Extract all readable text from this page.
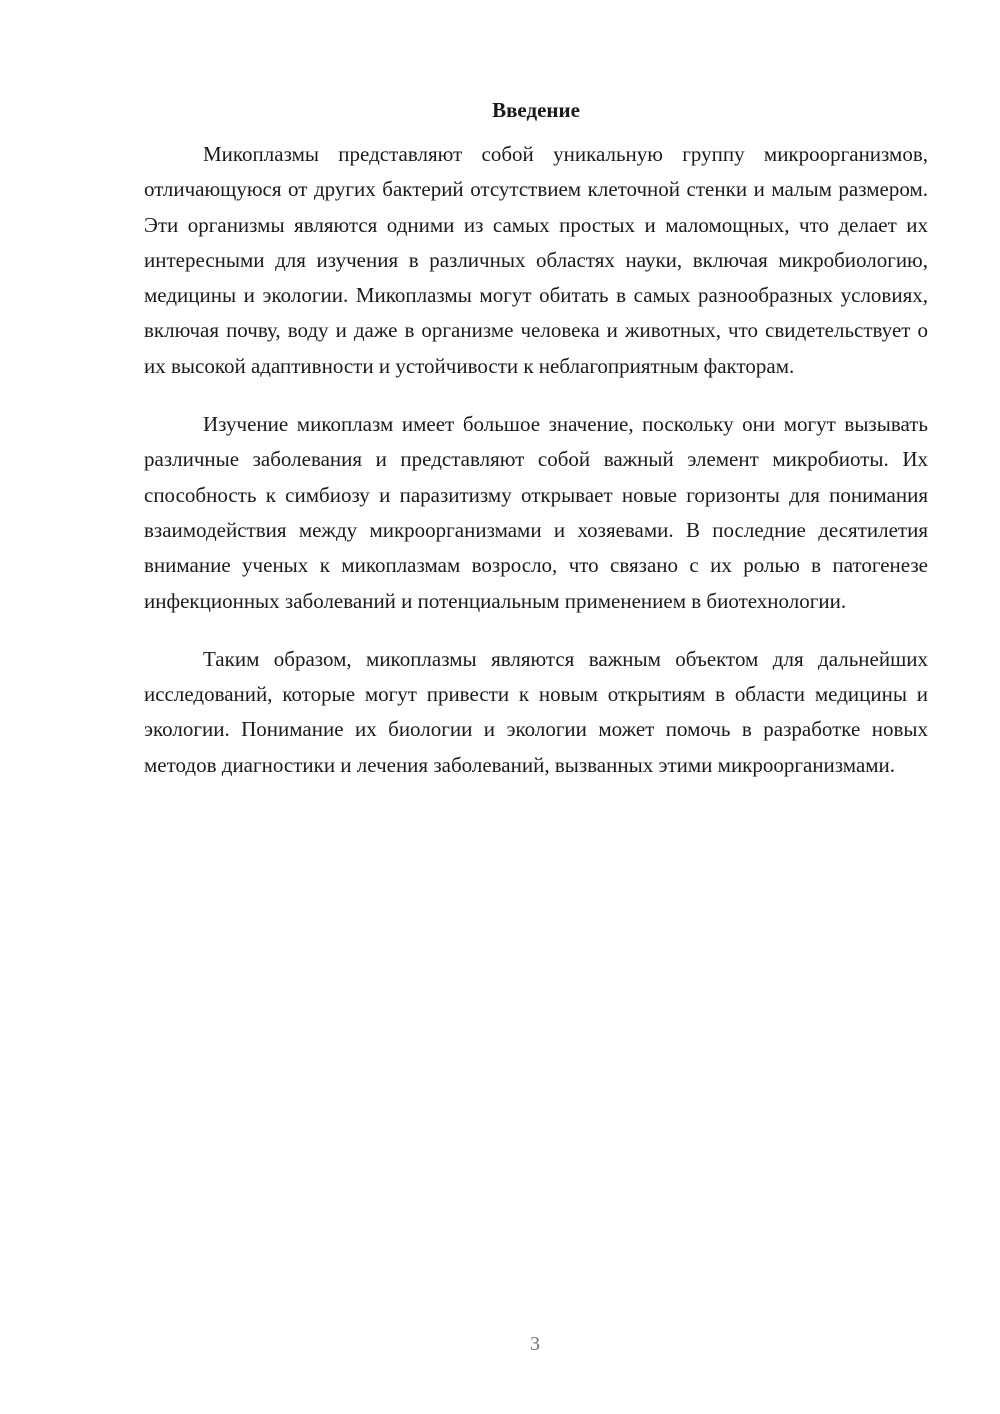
Введение

Микоплазмы представляют собой уникальную группу микроорганизмов, отличающуюся от других бактерий отсутствием клеточной стенки и малым размером. Эти организмы являются одними из самых простых и маломощных, что делает их интересными для изучения в различных областях науки, включая микробиологию, медицины и экологии. Микоплазмы могут обитать в самых разнообразных условиях, включая почву, воду и даже в организме человека и животных, что свидетельствует о их высокой адаптивности и устойчивости к неблагоприятным факторам.

Изучение микоплазм имеет большое значение, поскольку они могут вызывать различные заболевания и представляют собой важный элемент микробиоты. Их способность к симбиозу и паразитизму открывает новые горизонты для понимания взаимодействия между микроорганизмами и хозяевами. В последние десятилетия внимание ученых к микоплазмам возросло, что связано с их ролью в патогенезе инфекционных заболеваний и потенциальным применением в биотехнологии.

Таким образом, микоплазмы являются важным объектом для дальнейших исследований, которые могут привести к новым открытиям в области медицины и экологии. Понимание их биологии и экологии может помочь в разработке новых методов диагностики и лечения заболеваний, вызванных этими микроорганизмами.

3
